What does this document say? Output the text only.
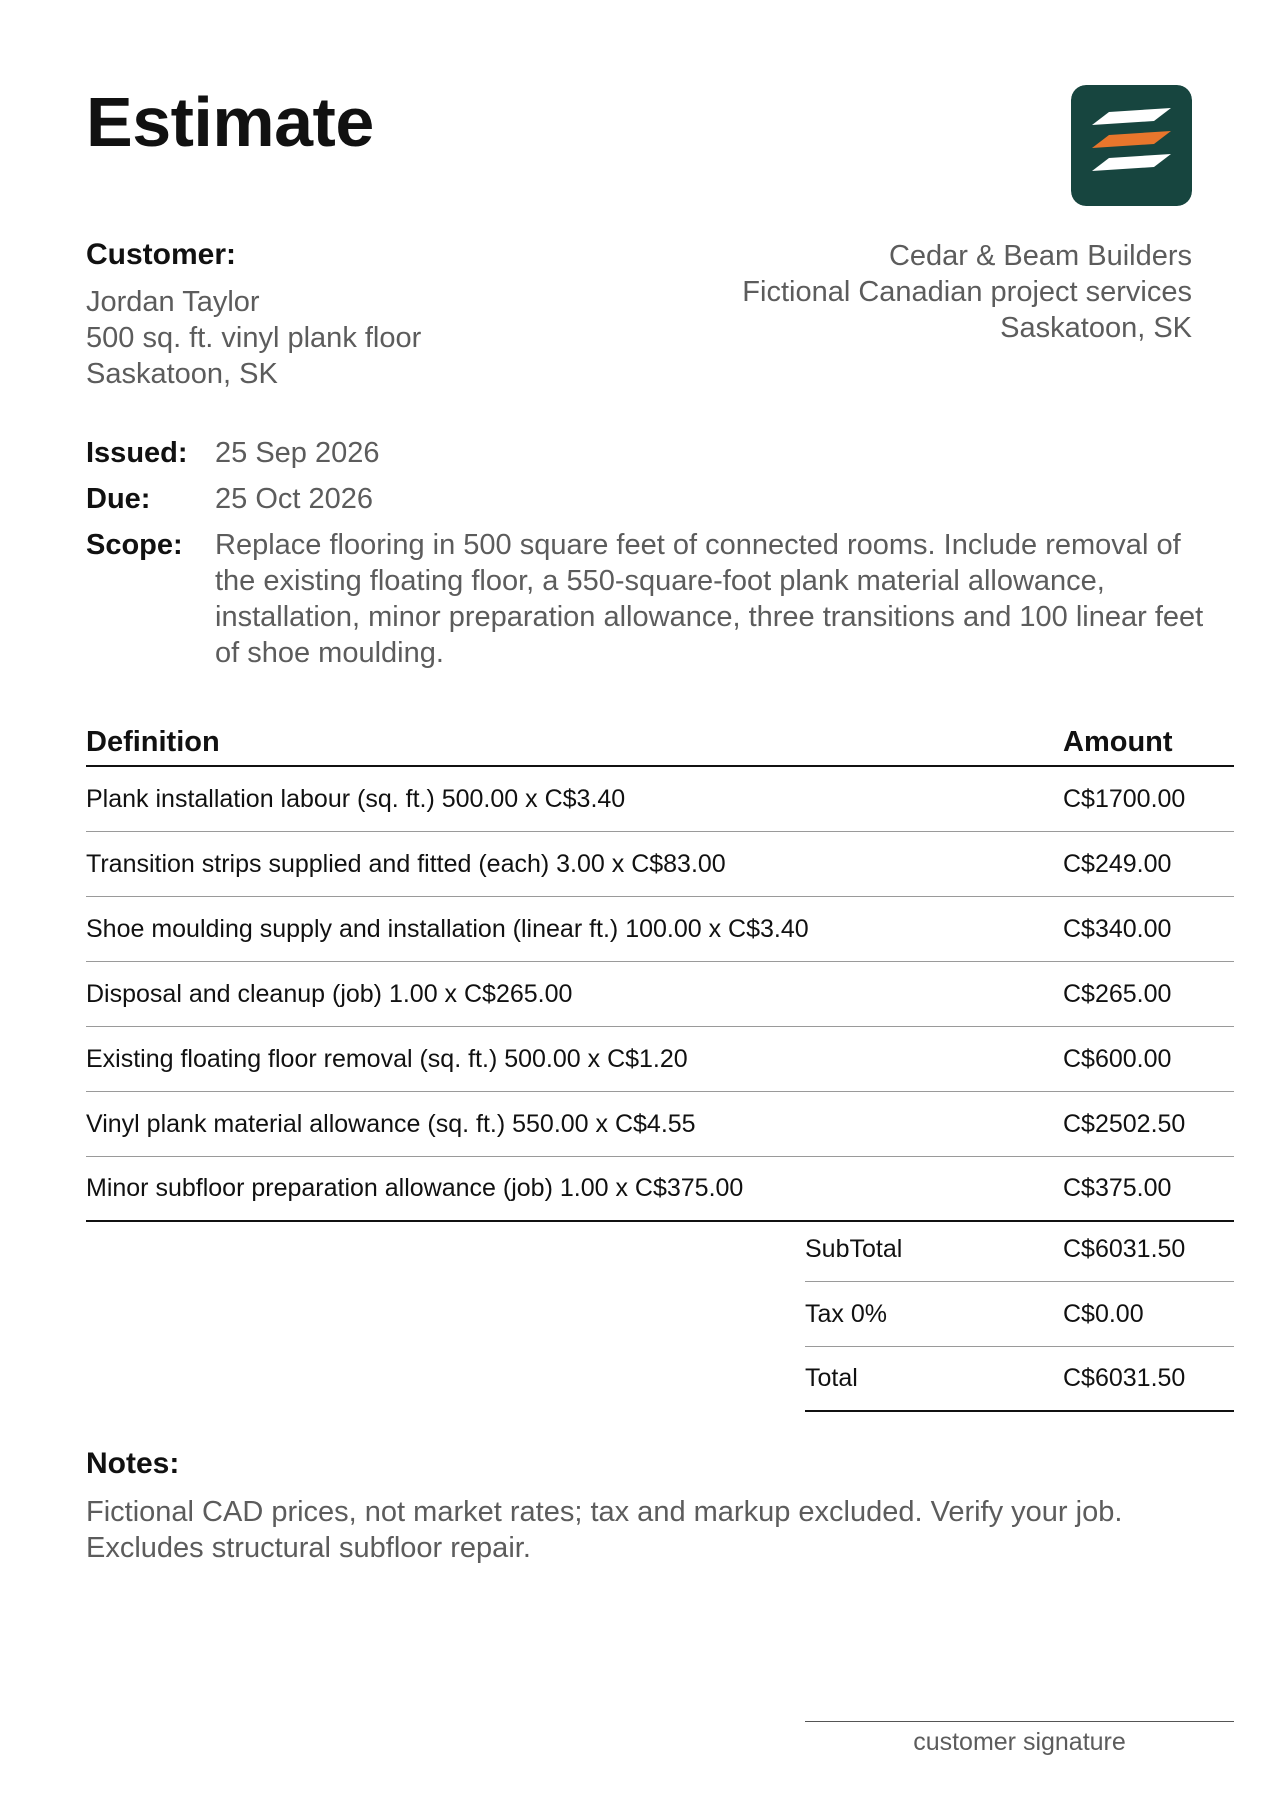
Estimate
Customer:
Jordan Taylor
500 sq. ft. vinyl plank floor
Saskatoon, SK
Cedar & Beam Builders
Fictional Canadian project services
Saskatoon, SK
Issued: 25 Sep 2026
Due:	25 Oct 2026
Scope:	Replace flooring in 500 square feet of connected rooms. Include removal of the existing floating floor, a 550-square-foot plank material allowance, installation, minor preparation allowance, three transitions and 100 linear feet of shoe moulding.
Definition	Amount
Plank installation labour (sq. ft.) 500.00 x C$3.40	C$1700.00
Transition strips supplied and fitted (each) 3.00 x C$83.00	C$249.00
Shoe moulding supply and installation (linear ft.) 100.00 x C$3.40	C$340.00
Disposal and cleanup (job) 1.00 x C$265.00	C$265.00
Existing floating floor removal (sq. ft.) 500.00 x C$1.20	C$600.00
Vinyl plank material allowance (sq. ft.) 550.00 x C$4.55	C$2502.50
Minor subfloor preparation allowance (job) 1.00 x C$375.00	C$375.00
SubTotal	C$6031.50
Tax 0%	C$0.00
Total	C$6031.50
Notes:
Fictional CAD prices, not market rates; tax and markup excluded. Verify your job. Excludes structural subfloor repair.
customer signature
